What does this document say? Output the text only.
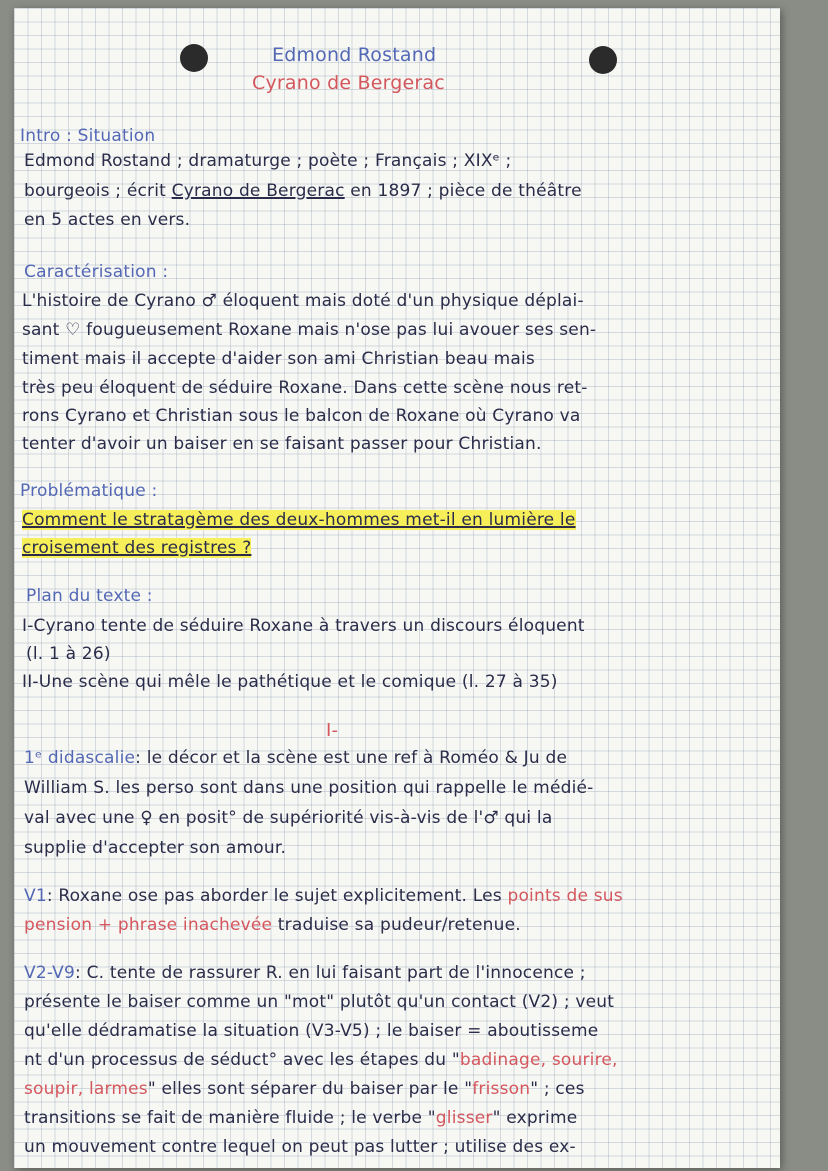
Edmond Rostand
Cyrano de Bergerac
Intro : Situation
Edmond Rostand ; dramaturge ; poète ; Français ; XIXᵉ ;
bourgeois ; écrit Cyrano de Bergerac en 1897 ; pièce de théâtre
en 5 actes en vers.
Caractérisation :
L'histoire de Cyrano ♂ éloquent mais doté d'un physique déplai-
sant ♡ fougueusement Roxane mais n'ose pas lui avouer ses sen-
timent mais il accepte d'aider son ami Christian beau mais
très peu éloquent de séduire Roxane. Dans cette scène nous ret-
rons Cyrano et Christian sous le balcon de Roxane où Cyrano va
tenter d'avoir un baiser en se faisant passer pour Christian.
Problématique :
Comment le stratagème des deux-hommes met-il en lumière le
croisement des registres ?
Plan du texte :
I-Cyrano tente de séduire Roxane à travers un discours éloquent
(l. 1 à 26)
II-Une scène qui mêle le pathétique et le comique (l. 27 à 35)
I-
1ᵉ didascalie: le décor et la scène est une ref à Roméo & Ju de
William S. les perso sont dans une position qui rappelle le médié-
val avec une ♀ en posit° de supériorité vis-à-vis de l'♂ qui la
supplie d'accepter son amour.
V1: Roxane ose pas aborder le sujet explicitement. Les points de sus
pension + phrase inachevée traduise sa pudeur/retenue.
V2-V9: C. tente de rassurer R. en lui faisant part de l'innocence ;
présente le baiser comme un "mot" plutôt qu'un contact (V2) ; veut
qu'elle dédramatise la situation (V3-V5) ; le baiser = aboutisseme
nt d'un processus de séduct° avec les étapes du "badinage, sourire,
soupir, larmes" elles sont séparer du baiser par le "frisson" ; ces
transitions se fait de manière fluide ; le verbe "glisser" exprime
un mouvement contre lequel on peut pas lutter ; utilise des ex-
